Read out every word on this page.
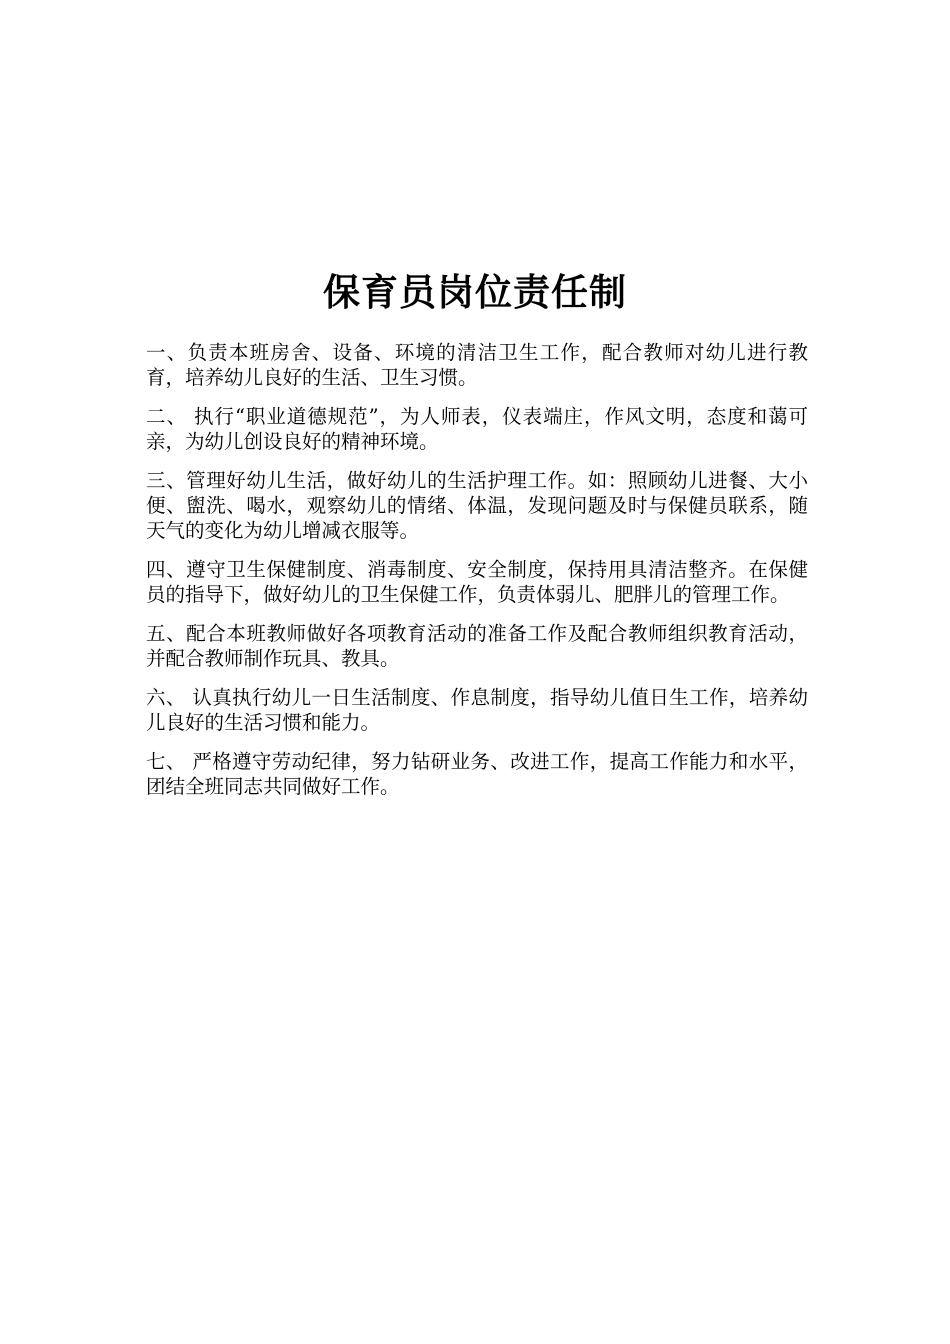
保育员岗位责任制

一、负责本班房舍、设备、环境的清洁卫生工作，配合教师对幼儿进行教育，培养幼儿良好的生活、卫生习惯。

二、 执行“职业道德规范”，为人师表，仪表端庄，作风文明，态度和蔼可亲，为幼儿创设良好的精神环境。

三、管理好幼儿生活，做好幼儿的生活护理工作。如：照顾幼儿进餐、大小便、盥洗、喝水，观察幼儿的情绪、体温，发现问题及时与保健员联系，随天气的变化为幼儿增减衣服等。

四、遵守卫生保健制度、消毒制度、安全制度，保持用具清洁整齐。在保健员的指导下，做好幼儿的卫生保健工作，负责体弱儿、肥胖儿的管理工作。

五、配合本班教师做好各项教育活动的准备工作及配合教师组织教育活动，并配合教师制作玩具、教具。

六、 认真执行幼儿一日生活制度、作息制度，指导幼儿值日生工作，培养幼儿良好的生活习惯和能力。

七、 严格遵守劳动纪律，努力钻研业务、改进工作，提高工作能力和水平，团结全班同志共同做好工作。
